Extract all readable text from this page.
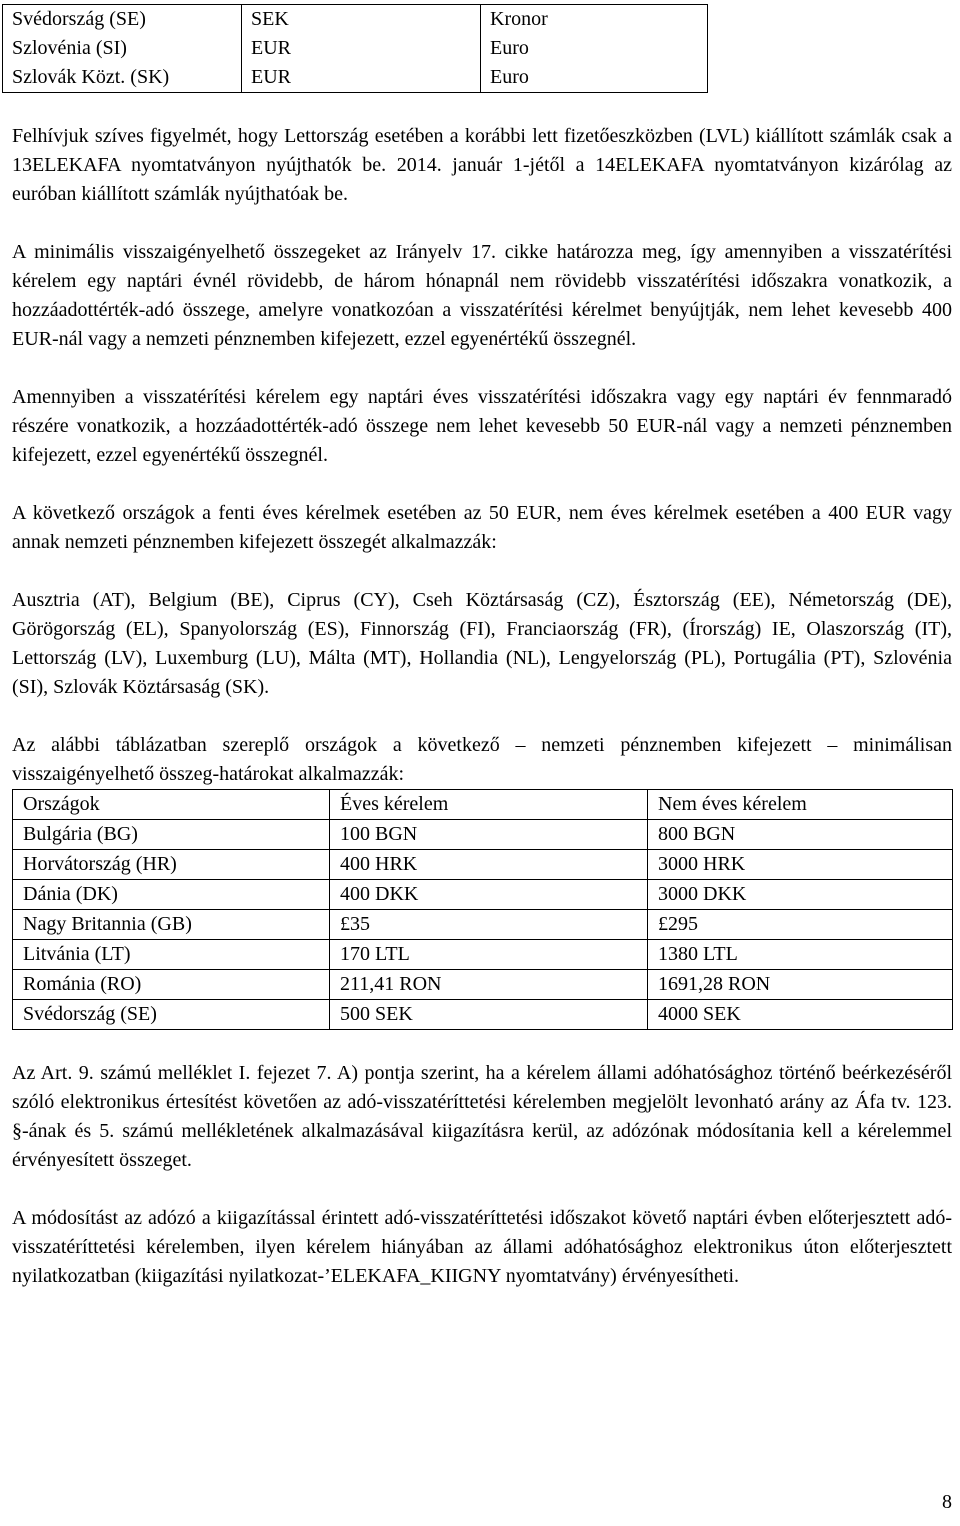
Svédország (SE)	SEK	Kronor
Szlovénia (SI)	EUR	Euro
Szlovák Közt. (SK)	EUR	Euro

Felhívjuk szíves figyelmét, hogy Lettország esetében a korábbi lett fizetőeszközben (LVL) kiállított számlák csak a 13ELEKAFA nyomtatványon nyújthatók be. 2014. január 1-jétől a 14ELEKAFA nyomtatványon kizárólag az euróban kiállított számlák nyújthatóak be.

A minimális visszaigényelhető összegeket az Irányelv 17. cikke határozza meg, így amennyiben a visszatérítési kérelem egy naptári évnél rövidebb, de három hónapnál nem rövidebb visszatérítési időszakra vonatkozik, a hozzáadottérték-adó összege, amelyre vonatkozóan a visszatérítési kérelmet benyújtják, nem lehet kevesebb 400 EUR-nál vagy a nemzeti pénznemben kifejezett, ezzel egyenértékű összegnél.

Amennyiben a visszatérítési kérelem egy naptári éves visszatérítési időszakra vagy egy naptári év fennmaradó részére vonatkozik, a hozzáadottérték-adó összege nem lehet kevesebb 50 EUR-nál vagy a nemzeti pénznemben kifejezett, ezzel egyenértékű összegnél.

A következő országok a fenti éves kérelmek esetében az 50 EUR, nem éves kérelmek esetében a 400 EUR vagy annak nemzeti pénznemben kifejezett összegét alkalmazzák:

Ausztria (AT), Belgium (BE), Ciprus (CY), Cseh Köztársaság (CZ), Észtország (EE), Németország (DE), Görögország (EL), Spanyolország (ES), Finnország (FI), Franciaország (FR), (Írország) IE, Olaszország (IT), Lettország (LV), Luxemburg (LU), Málta (MT), Hollandia (NL), Lengyelország (PL), Portugália (PT), Szlovénia (SI), Szlovák Köztársaság (SK).

Az alábbi táblázatban szereplő országok a következő – nemzeti pénznemben kifejezett – minimálisan visszaigényelhető összeg-határokat alkalmazzák:

Országok	Éves kérelem	Nem éves kérelem
Bulgária (BG)	100 BGN	800 BGN
Horvátország (HR)	400 HRK	3000 HRK
Dánia (DK)	400 DKK	3000 DKK
Nagy Britannia (GB)	£35	£295
Litvánia (LT)	170 LTL	1380 LTL
Románia (RO)	211,41 RON	1691,28 RON
Svédország (SE)	500 SEK	4000 SEK

Az Art. 9. számú melléklet I. fejezet 7. A) pontja szerint, ha a kérelem állami adóhatósághoz történő beérkezéséről szóló elektronikus értesítést követően az adó-visszatéríttetési kérelemben megjelölt levonható arány az Áfa tv. 123. §-ának és 5. számú mellékletének alkalmazásával kiigazításra kerül, az adózónak módosítania kell a kérelemmel érvényesített összeget.

A módosítást az adózó a kiigazítással érintett adó-visszatéríttetési időszakot követő naptári évben előterjesztett adó-visszatéríttetési kérelemben, ilyen kérelem hiányában az állami adóhatósághoz elektronikus úton előterjesztett nyilatkozatban (kiigazítási nyilatkozat-’ELEKAFA_KIIGNY nyomtatvány) érvényesítheti.

8
